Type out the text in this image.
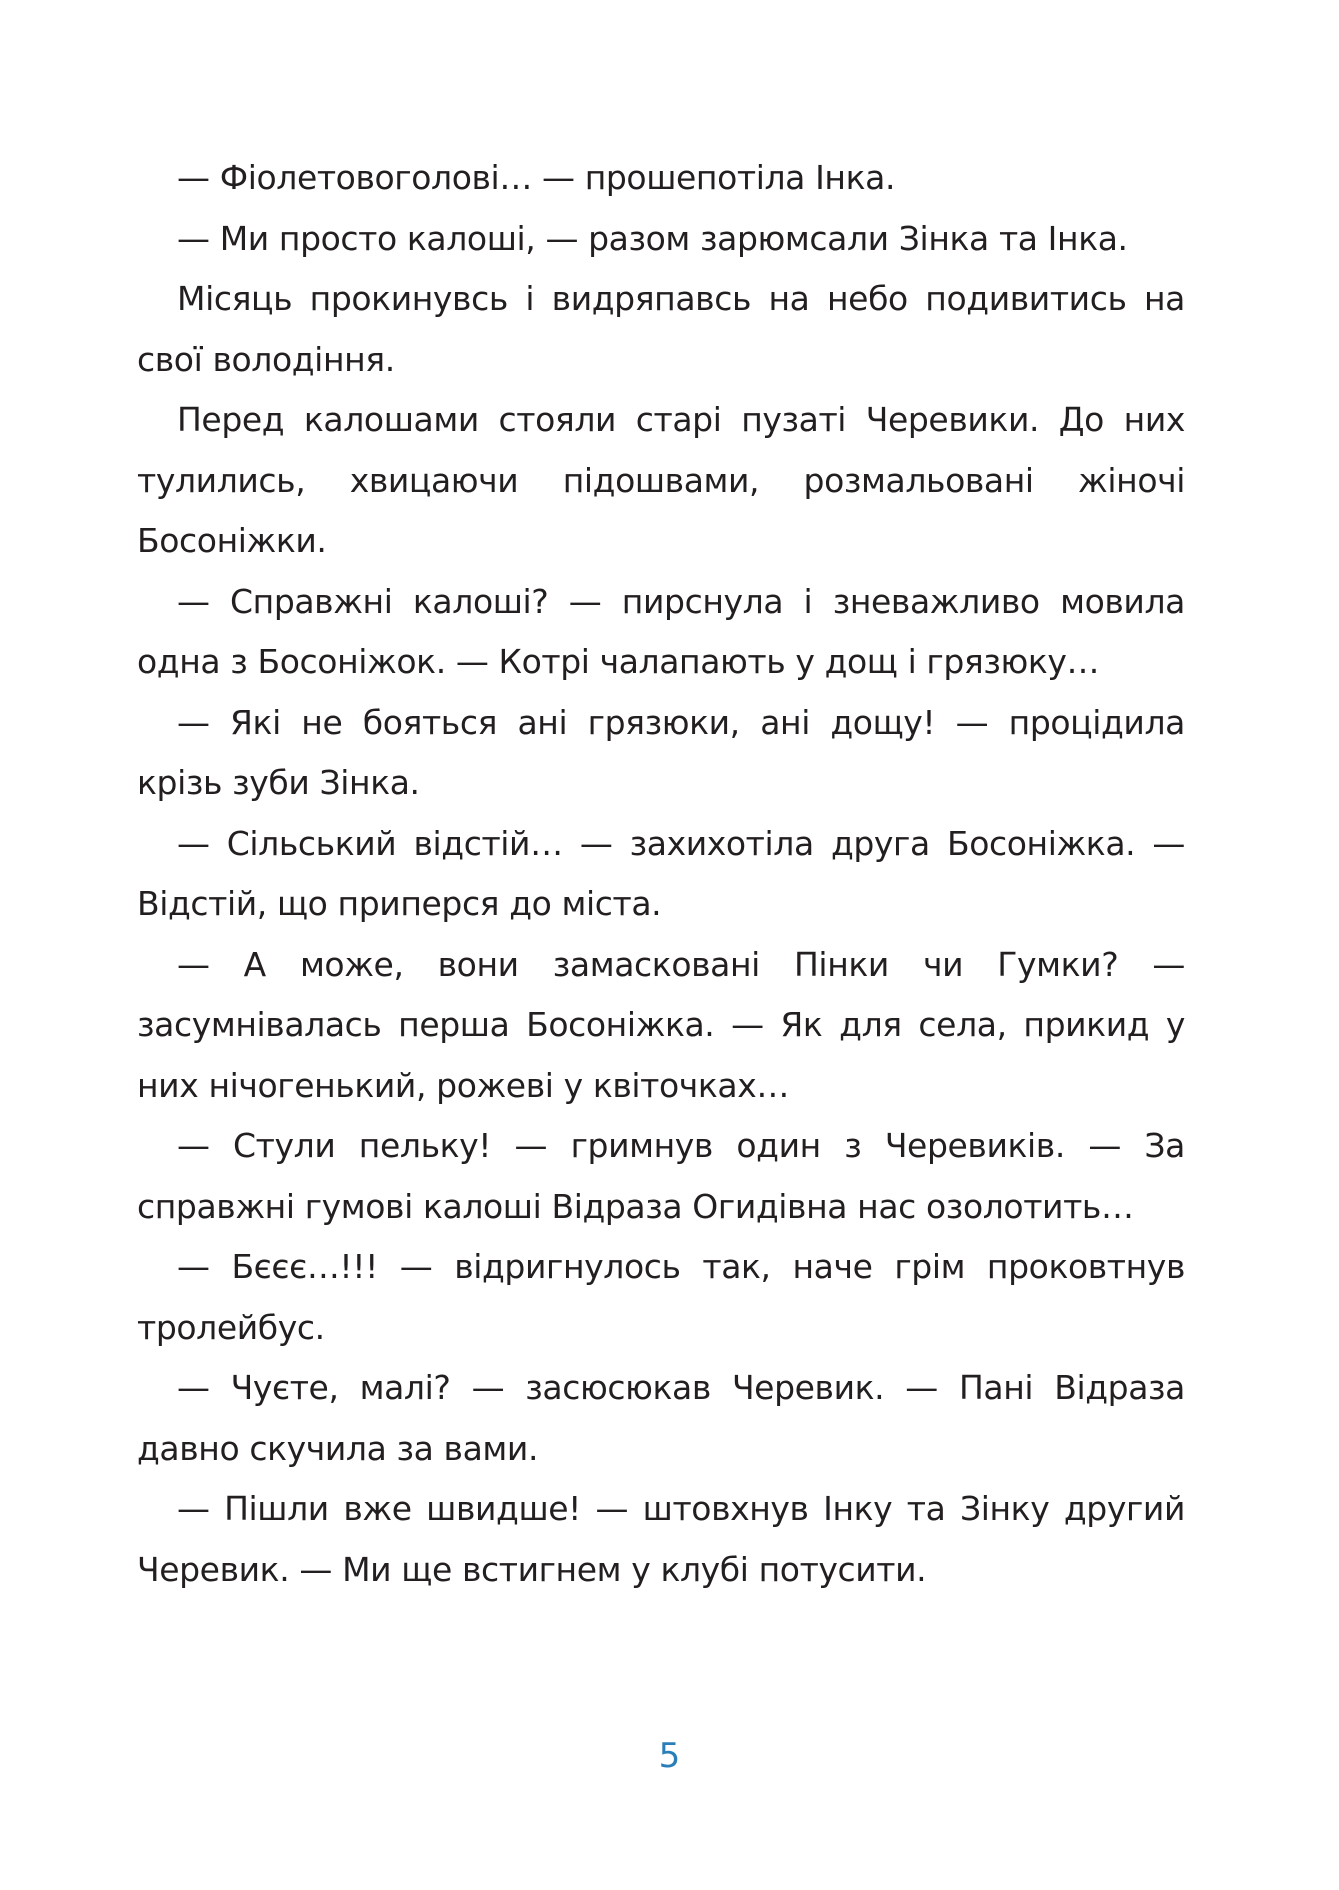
— Фіолетовоголові… — прошепотіла Інка.

— Ми просто калоші, — разом зарюмсали Зінка та Інка.

Місяць прокинувсь і видряпавсь на небо подивитись на свої володіння.

Перед калошами стояли старі пузаті Черевики. До них тулились, хвицаючи підошвами, розмальовані жіночі Босоніжки.

— Справжні калоші? — пирснула і зневажливо мовила одна з Босоніжок. — Котрі чалапають у дощ і грязюку…

— Які не бояться ані грязюки, ані дощу! — процідила крізь зуби Зінка.

— Сільський відстій… — захихотіла друга Босоніжка. — Відстій, що приперся до міста.

— А може, вони замасковані Пінки чи Гумки? — засумнівалась перша Босоніжка. — Як для села, прикид у них нічогенький, рожеві у квіточках…

— Стули пельку! — гримнув один з Черевиків. — За справжні гумові калоші Відраза Огидівна нас озолотить…

— Бєєє…!!! — відригнулось так, наче грім проковтнув тролейбус.

— Чуєте, малі? — засюсюкав Черевик. — Пані Відраза давно скучила за вами.

— Пішли вже швидше! — штовхнув Інку та Зінку другий Черевик. — Ми ще встигнем у клубі потусити.

5
